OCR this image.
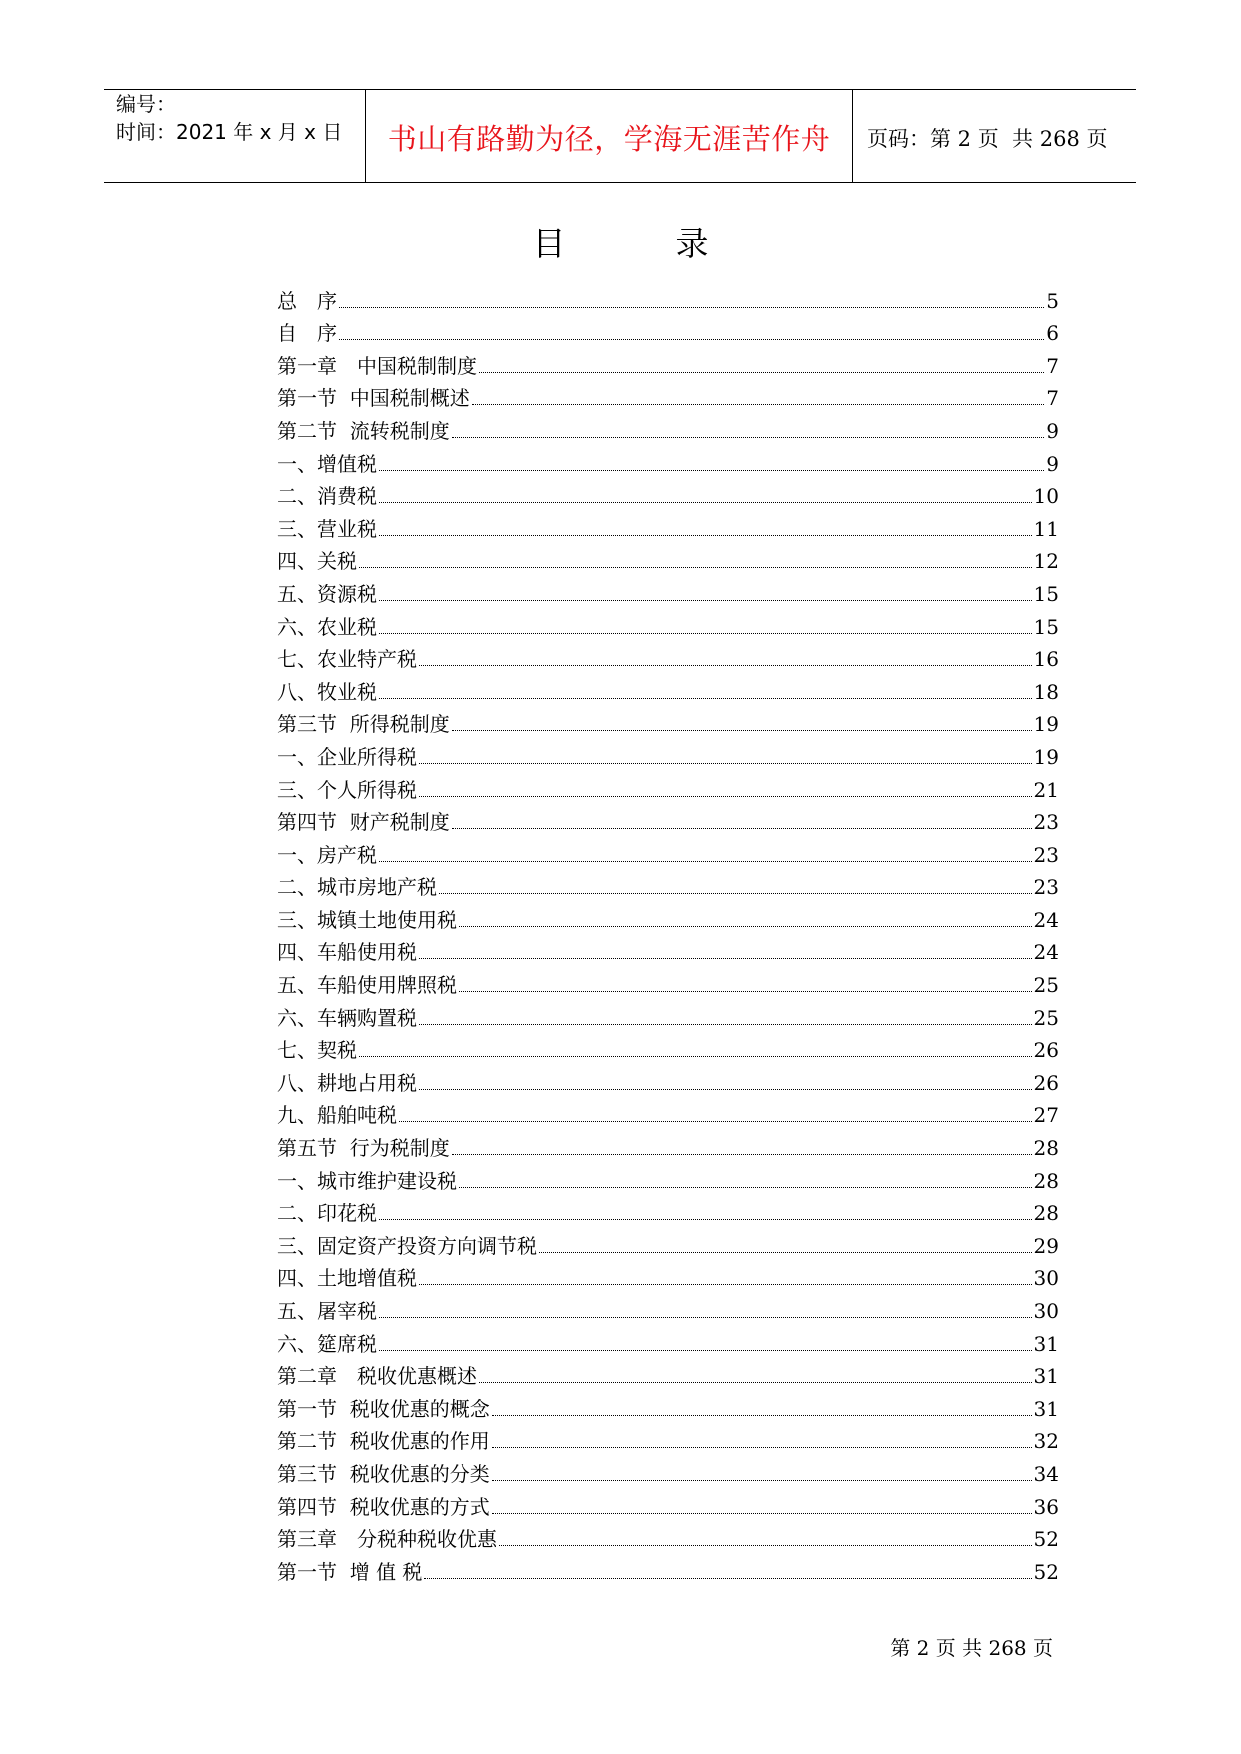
编号：
时间：2021 年 x 月 x 日 书山有路勤为径，学海无涯苦作舟 页码：第 2 页  共 268 页
目录
总　序	5
自　序	6
第一章　中国税制制度	7
第一节  中国税制概述	7
第二节  流转税制度	9
一、增值税	9
二、消费税	10
三、营业税	11
四、关税	12
五、资源税	15
六、农业税	15
七、农业特产税	16
八、牧业税	18
第三节  所得税制度	19
一、企业所得税	19
三、个人所得税	21
第四节  财产税制度	23
一、房产税	23
二、城市房地产税	23
三、城镇土地使用税	24
四、车船使用税	24
五、车船使用牌照税	25
六、车辆购置税	25
七、契税	26
八、耕地占用税	26
九、船舶吨税	27
第五节  行为税制度	28
一、城市维护建设税	28
二、印花税	28
三、固定资产投资方向调节税	29
四、土地增值税	30
五、屠宰税	30
六、筵席税	31
第二章　税收优惠概述	31
第一节  税收优惠的概念	31
第二节  税收优惠的作用	32
第三节  税收优惠的分类	34
第四节  税收优惠的方式	36
第三章　分税种税收优惠	52
第一节  增 值 税	52
第 2 页 共 268 页
